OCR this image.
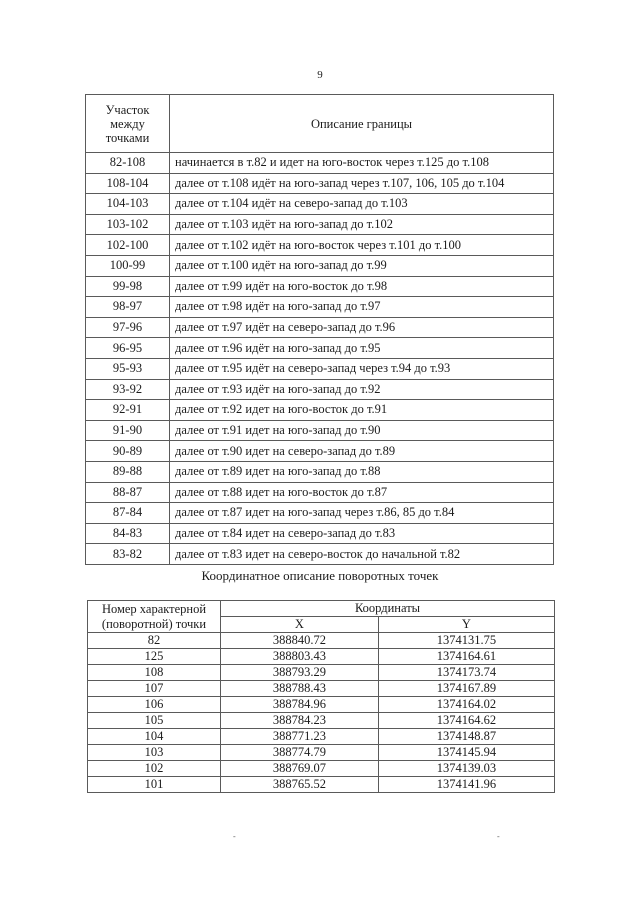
9
Участок между точками	Описание границы
82-108	начинается в т.82 и идет на юго-восток через т.125 до т.108
108-104	далее от т.108 идёт на юго-запад через т.107, 106, 105 до т.104
104-103	далее от т.104 идёт на северо-запад до т.103
103-102	далее от т.103 идёт на юго-запад до т.102
102-100	далее от т.102 идёт на юго-восток через т.101 до т.100
100-99	далее от т.100 идёт на юго-запад до т.99
99-98	далее от т.99 идёт на юго-восток до т.98
98-97	далее от т.98 идёт на юго-запад до т.97
97-96	далее от т.97 идёт на северо-запад до т.96
96-95	далее от т.96 идёт на юго-запад до т.95
95-93	далее от т.95 идёт на северо-запад через т.94 до т.93
93-92	далее от т.93 идёт на юго-запад до т.92
92-91	далее от т.92 идет на юго-восток до т.91
91-90	далее от т.91 идет на юго-запад до т.90
90-89	далее от т.90 идет на северо-запад до т.89
89-88	далее от т.89 идет на юго-запад до т.88
88-87	далее от т.88 идет на юго-восток до т.87
87-84	далее от т.87 идет на юго-запад через т.86, 85 до т.84
84-83	далее от т.84 идет на северо-запад до т.83
83-82	далее от т.83 идет на северо-восток до начальной т.82
Координатное описание поворотных точек
Номер характерной (поворотной) точки	Координаты	
	X	Y
82	388840.72	1374131.75
125	388803.43	1374164.61
108	388793.29	1374173.74
107	388788.43	1374167.89
106	388784.96	1374164.02
105	388784.23	1374164.62
104	388771.23	1374148.87
103	388774.79	1374145.94
102	388769.07	1374139.03
101	388765.52	1374141.96
‑	‑
